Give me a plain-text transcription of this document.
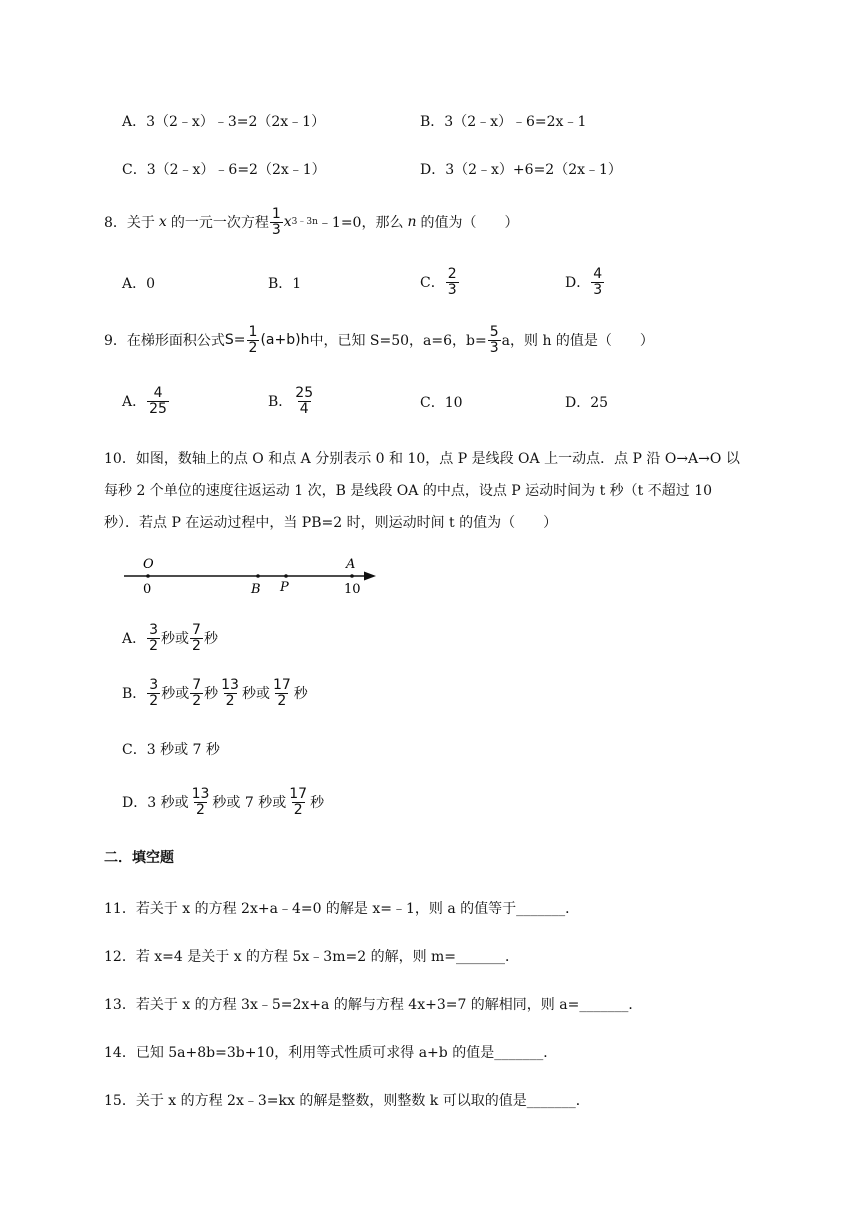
A．3（2﹣x）﹣3=2（2x﹣1）	B．3（2﹣x）﹣6=2x﹣1
C．3（2﹣x）﹣6=2（2x﹣1）	D．3（2﹣x）+6=2（2x﹣1）
8．关于 x 的一元一次方程 $\frac{1}{3}$ x 3﹣3n ﹣1=0，那么 n 的值为（　　）
A．0	B．1	C． $\frac{2}{3}$	D． $\frac{4}{3}$
9．在梯形面积公式 $S= \frac{1}{2} (a+b)h$ 中，已知 S=50，a=6，$b= \frac{5}{3}$ a，则 h 的值是（　　）
A． $\frac{4}{25}$	B． $\frac{25}{4}$	C．10	D．25
10．如图，数轴上的点 O 和点 A 分别表示 0 和 10，点 P 是线段 OA 上一动点．点 P 沿 O→A→O 以
每秒 2 个单位的速度往返运动 1 次，B 是线段 OA 的中点，设点 P 运动时间为 t 秒（t 不超过 10
秒）．若点 P 在运动过程中，当 PB=2 时，则运动时间 t 的值为（　　）
O
0	B P
A
10
A． $\frac{3}{2}$ 秒或 $\frac{7}{2}$ 秒
B． $\frac{3}{2}$ 秒或 $\frac{7}{2}$ 秒 $\frac{13}{2}$ 秒或 $\frac{17}{2}$ 秒
C．3 秒或 7 秒
D．3 秒或 $\frac{13}{2}$ 秒或 7 秒或 $\frac{17}{2}$ 秒
二．填空题
11．若关于 x 的方程 2x+a﹣4=0 的解是 x=﹣1，则 a 的值等于_______．
12．若 x=4 是关于 x 的方程 5x﹣3m=2 的解，则 m=_______．
13．若关于 x 的方程 3x﹣5=2x+a 的解与方程 4x+3=7 的解相同，则 a=_______．
14．已知 5a+8b=3b+10，利用等式性质可求得 a+b 的值是_______．
15．关于 x 的方程 2x﹣3=kx 的解是整数，则整数 k 可以取的值是_______．
